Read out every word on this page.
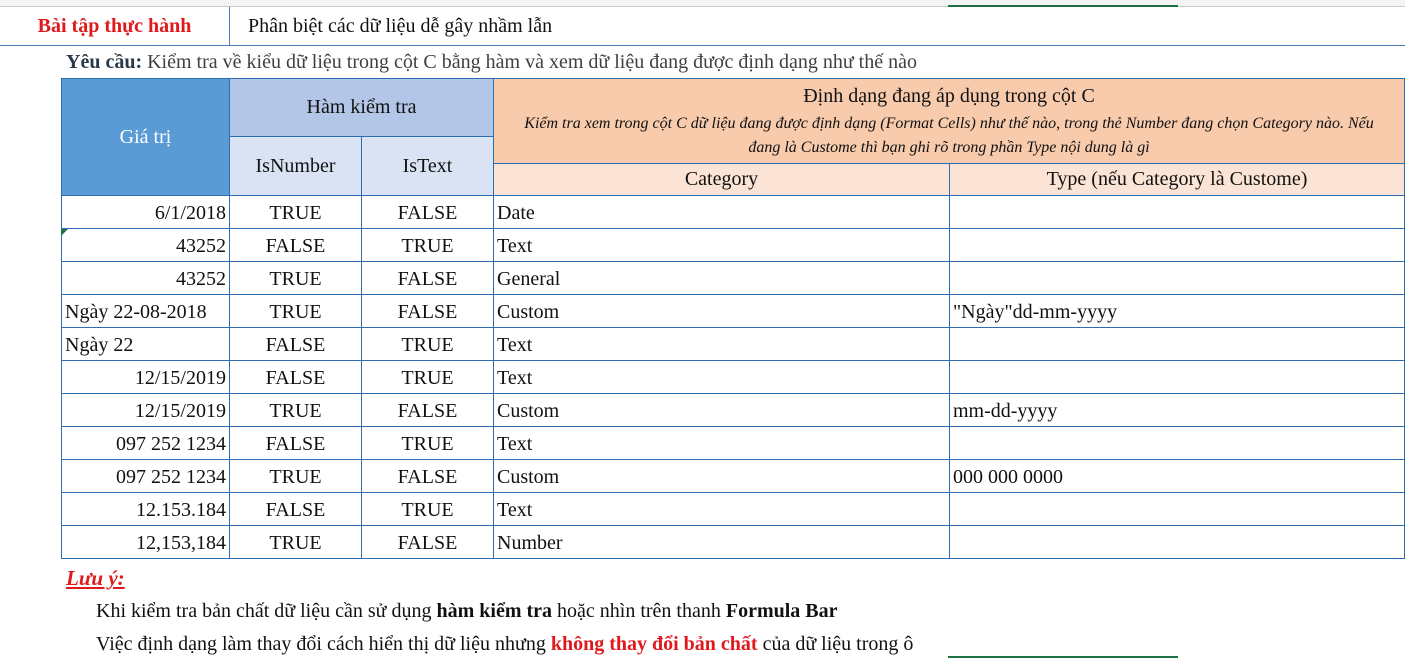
Bài tập thực hành	Phân biệt các dữ liệu dễ gây nhầm lẫn
Yêu cầu: Kiểm tra về kiểu dữ liệu trong cột C bằng hàm và xem dữ liệu đang được định dạng như thế nào
Giá trị
Hàm kiểm tra
IsNumber	IsText
Định dạng đang áp dụng trong cột C
Kiểm tra xem trong cột C dữ liệu đang được định dạng (Format Cells) như thế nào, trong thẻ Number đang chọn Category nào. Nếu đang là Custome thì bạn ghi rõ trong phần Type nội dung là gì
Category	Type (nếu Category là Custome)
6/1/2018	TRUE	FALSE	Date
43252	FALSE	TRUE	Text
43252	TRUE	FALSE	General
Ngày 22-08-2018	TRUE	FALSE	Custom	"Ngày"dd-mm-yyyy
Ngày 22	FALSE	TRUE	Text
12/15/2019	FALSE	TRUE	Text
12/15/2019	TRUE	FALSE	Custom	mm-dd-yyyy
097 252 1234	FALSE	TRUE	Text
097 252 1234	TRUE	FALSE	Custom	000 000 0000
12.153.184	FALSE	TRUE	Text
12,153,184	TRUE	FALSE	Number
Lưu ý:
Khi kiểm tra bản chất dữ liệu cần sử dụng hàm kiểm tra hoặc nhìn trên thanh Formula Bar
Việc định dạng làm thay đổi cách hiển thị dữ liệu nhưng không thay đổi bản chất của dữ liệu trong ô
